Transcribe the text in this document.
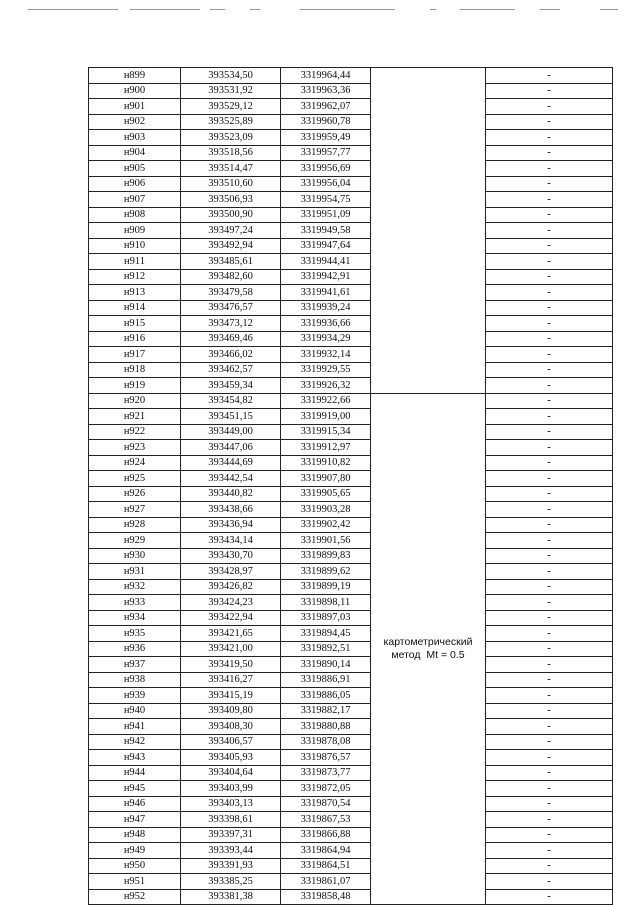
н899	393534,50	3319964,44		-
н900	393531,92	3319963,36		-
н901	393529,12	3319962,07		-
н902	393525,89	3319960,78		-
н903	393523,09	3319959,49		-
н904	393518,56	3319957,77		-
н905	393514,47	3319956,69		-
н906	393510,60	3319956,04		-
н907	393506,93	3319954,75		-
н908	393500,90	3319951,09		-
н909	393497,24	3319949,58		-
н910	393492,94	3319947,64		-
н911	393485,61	3319944,41		-
н912	393482,60	3319942,91		-
н913	393479,58	3319941,61		-
н914	393476,57	3319939,24		-
н915	393473,12	3319936,66		-
н916	393469,46	3319934,29		-
н917	393466,02	3319932,14		-
н918	393462,57	3319929,55		-
н919	393459,34	3319926,32		-
н920	393454,82	3319922,66	картометрический
метод  Mt = 0.5	-
н921	393451,15	3319919,00		-
н922	393449,00	3319915,34		-
н923	393447,06	3319912,97		-
н924	393444,69	3319910,82		-
н925	393442,54	3319907,80		-
н926	393440,82	3319905,65		-
н927	393438,66	3319903,28		-
н928	393436,94	3319902,42		-
н929	393434,14	3319901,56		-
н930	393430,70	3319899,83		-
н931	393428,97	3319899,62		-
н932	393426,82	3319899,19		-
н933	393424,23	3319898,11		-
н934	393422,94	3319897,03		-
н935	393421,65	3319894,45		-
н936	393421,00	3319892,51		-
н937	393419,50	3319890,14		-
н938	393416,27	3319886,91		-
н939	393415,19	3319886,05		-
н940	393409,80	3319882,17		-
н941	393408,30	3319880,88		-
н942	393406,57	3319878,08		-
н943	393405,93	3319876,57		-
н944	393404,64	3319873,77		-
н945	393403,99	3319872,05		-
н946	393403,13	3319870,54		-
н947	393398,61	3319867,53		-
н948	393397,31	3319866,88		-
н949	393393,44	3319864,94		-
н950	393391,93	3319864,51		-
н951	393385,25	3319861,07		-
н952	393381,38	3319858,48		-
